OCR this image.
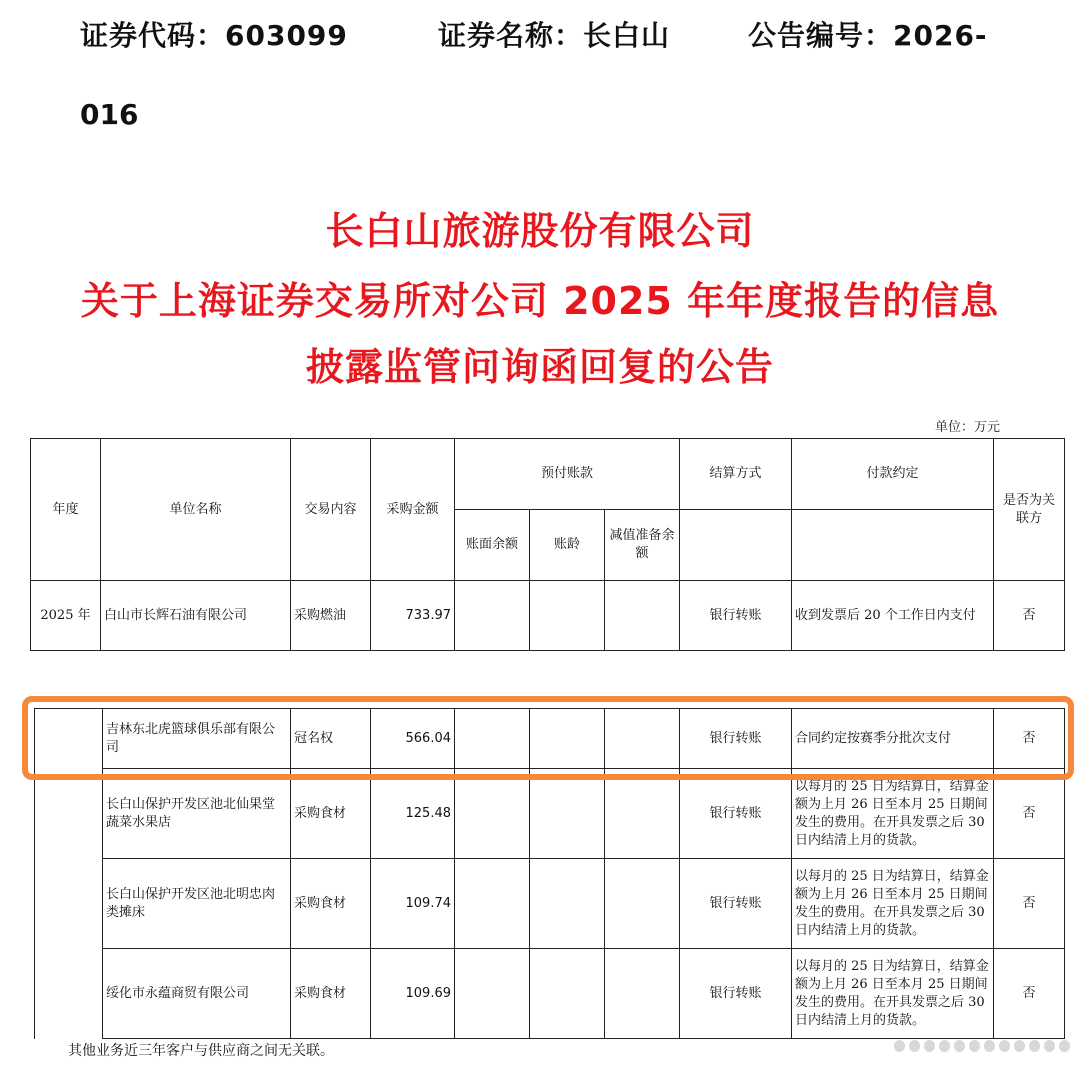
证券代码：603099	证券名称：长白山	公告编号：2026-
016
长白山旅游股份有限公司
关于上海证券交易所对公司 2025 年年度报告的信息
披露监管问询函回复的公告
单位：万元
年度	单位名称	交易内容	采购金额	预付账款			结算方式	付款约定	是否为关联方
				账面余额	账龄	减值准备余额			
2025 年	白山市长辉石油有限公司	采购燃油	733.97				银行转账	收到发票后 20 个工作日内支付	否
	吉林东北虎篮球俱乐部有限公司	冠名权	566.04				银行转账	合同约定按赛季分批次支付	否
	长白山保护开发区池北仙果堂蔬菜水果店	采购食材	125.48				银行转账	以每月的 25 日为结算日，结算金额为上月 26 日至本月 25 日期间发生的费用。在开具发票之后 30 日内结清上月的货款。	否
	长白山保护开发区池北明忠肉类摊床	采购食材	109.74				银行转账	以每月的 25 日为结算日，结算金额为上月 26 日至本月 25 日期间发生的费用。在开具发票之后 30 日内结清上月的货款。	否
	绥化市永蕴商贸有限公司	采购食材	109.69				银行转账	以每月的 25 日为结算日，结算金额为上月 26 日至本月 25 日期间发生的费用。在开具发票之后 30 日内结清上月的货款。	否
其他业务近三年客户与供应商之间无关联。
